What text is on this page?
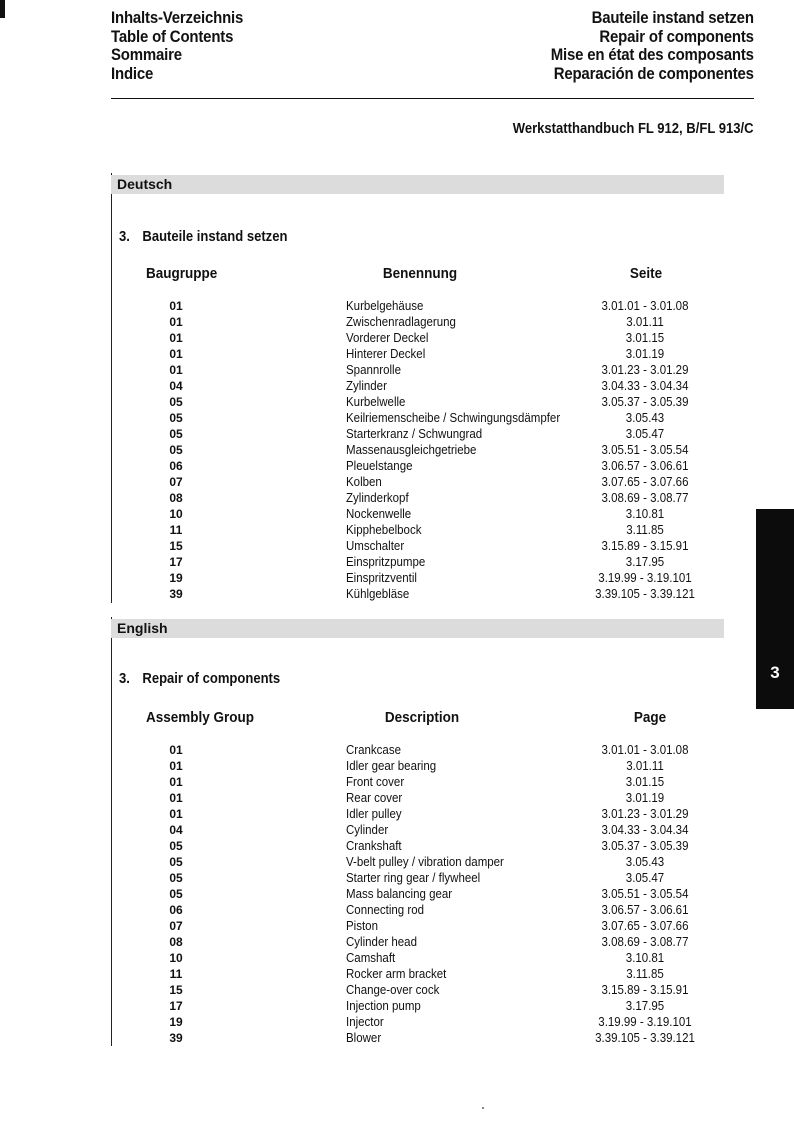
Inhalts-Verzeichnis
Table of Contents
Sommaire
Indice
Bauteile instand setzen
Repair of components
Mise en état des composants
Reparación de componentes
Werkstatthandbuch FL 912, B/FL 913/C
Deutsch
3. Bauteile instand setzen
Baugruppe	Benennung	Seite
01	Kurbelgehäuse	3.01.01 - 3.01.08
01	Zwischenradlagerung	3.01.11
01	Vorderer Deckel	3.01.15
01	Hinterer Deckel	3.01.19
01	Spannrolle	3.01.23 - 3.01.29
04	Zylinder	3.04.33 - 3.04.34
05	Kurbelwelle	3.05.37 - 3.05.39
05	Keilriemenscheibe / Schwingungsdämpfer	3.05.43
05	Starterkranz / Schwungrad	3.05.47
05	Massenausgleichgetriebe	3.05.51 - 3.05.54
06	Pleuelstange	3.06.57 - 3.06.61
07	Kolben	3.07.65 - 3.07.66
08	Zylinderkopf	3.08.69 - 3.08.77
10	Nockenwelle	3.10.81
11	Kipphebelbock	3.11.85
15	Umschalter	3.15.89 - 3.15.91
17	Einspritzpumpe	3.17.95
19	Einspritzventil	3.19.99 - 3.19.101
39	Kühlgebläse	3.39.105 - 3.39.121
English
3. Repair of components
Assembly Group	Description	Page
01	Crankcase	3.01.01 - 3.01.08
01	Idler gear bearing	3.01.11
01	Front cover	3.01.15
01	Rear cover	3.01.19
01	Idler pulley	3.01.23 - 3.01.29
04	Cylinder	3.04.33 - 3.04.34
05	Crankshaft	3.05.37 - 3.05.39
05	V-belt pulley / vibration damper	3.05.43
05	Starter ring gear / flywheel	3.05.47
05	Mass balancing gear	3.05.51 - 3.05.54
06	Connecting rod	3.06.57 - 3.06.61
07	Piston	3.07.65 - 3.07.66
08	Cylinder head	3.08.69 - 3.08.77
10	Camshaft	3.10.81
11	Rocker arm bracket	3.11.85
15	Change-over cock	3.15.89 - 3.15.91
17	Injection pump	3.17.95
19	Injector	3.19.99 - 3.19.101
39	Blower	3.39.105 - 3.39.121
3
